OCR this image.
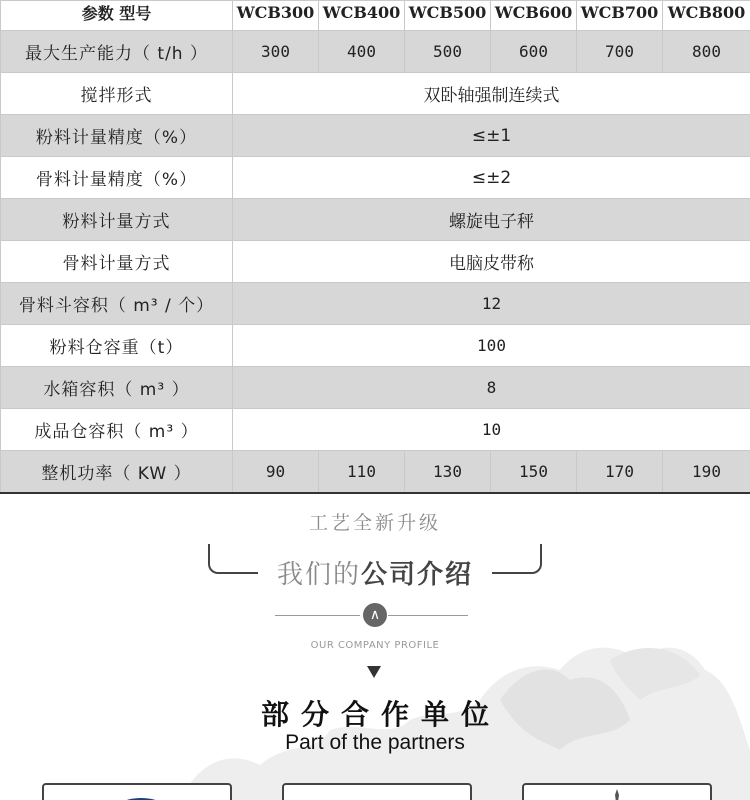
参数 型号	WCB300	WCB400	WCB500	WCB600	WCB700	WCB800
最大生产能力（ t/h ）	300	400	500	600	700	800
搅拌形式	双卧轴强制连续式					
粉料计量精度（%）	≤±1					
骨料计量精度（%）	≤±2					
粉料计量方式	螺旋电子秤					
骨料计量方式	电脑皮带称					
骨料斗容积（ m³ / 个）	12					
粉料仓容重（t）	100					
水箱容积（ m³ ）	8					
成品仓容积（ m³ ）	10					
整机功率（ KW ）	90	110	130	150	170	190
工艺全新升级
我们的公司介绍
∧
OUR COMPANY PROFILE
部分合作单位
Part of the partners
